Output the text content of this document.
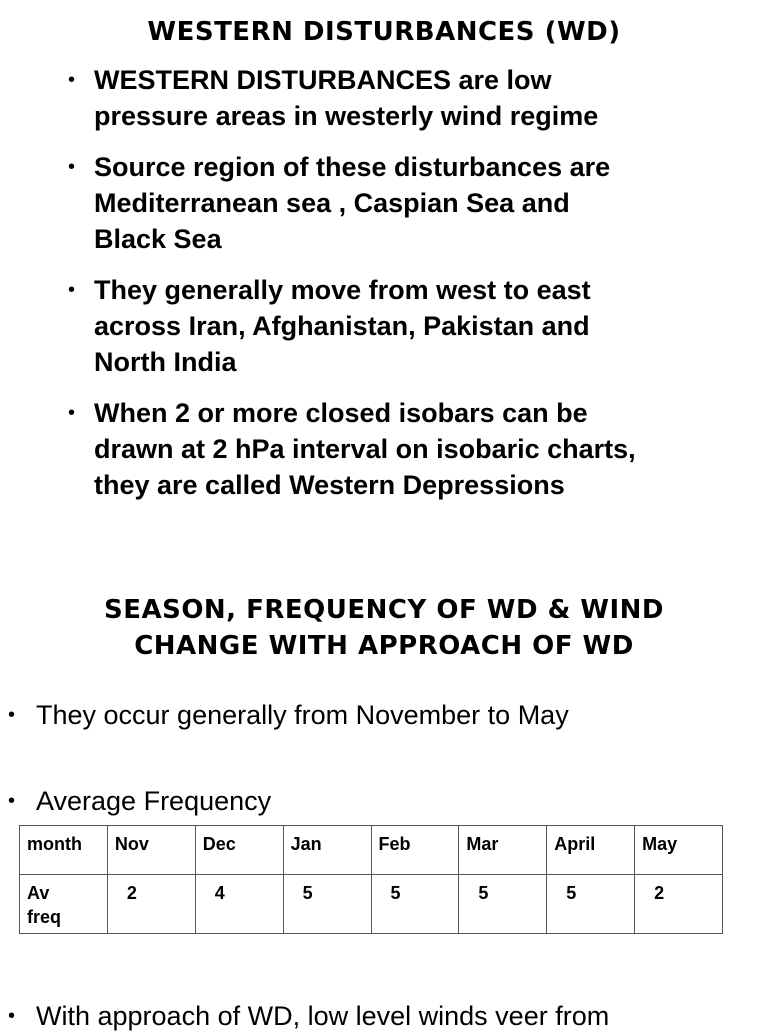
WESTERN DISTURBANCES (WD)
• WESTERN DISTURBANCES are low
pressure areas in westerly wind regime
• Source region of these disturbances are
Mediterranean sea , Caspian Sea and
Black Sea
• They generally move from west to east
across Iran, Afghanistan, Pakistan and
North India
• When 2 or more closed isobars can be
drawn at 2 hPa interval on isobaric charts,
they are called Western Depressions
SEASON, FREQUENCY OF WD & WIND
CHANGE WITH APPROACH OF WD
• They occur generally from November to May
• Average Frequency
month	Nov	Dec	Jan	Feb	Mar	April	May
Av
freq	2	4	5	5	5	5	2
• With approach of WD, low level winds veer from
